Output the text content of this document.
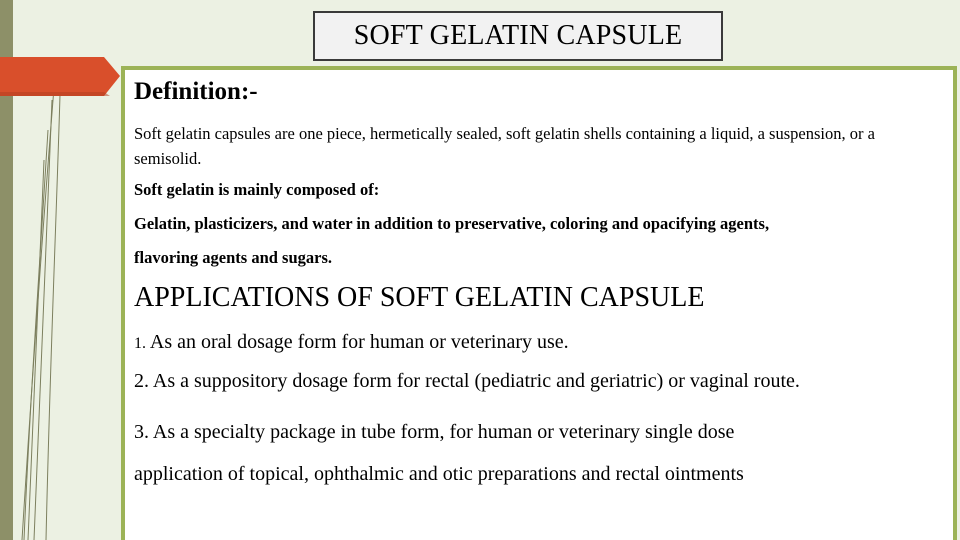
SOFT GELATIN CAPSULE

Definition:-

Soft gelatin capsules are one piece, hermetically sealed, soft gelatin shells containing a liquid, a suspension, or a semisolid.

Soft gelatin is mainly composed of:

Gelatin, plasticizers, and water in addition to preservative, coloring and opacifying agents,

flavoring agents and sugars.

APPLICATIONS OF SOFT GELATIN CAPSULE

1. As an oral dosage form for human or veterinary use.

2. As a suppository dosage form for rectal (pediatric and geriatric) or vaginal route.

3. As a specialty package in tube form, for human or veterinary single dose

application of topical, ophthalmic and otic preparations and rectal ointments
